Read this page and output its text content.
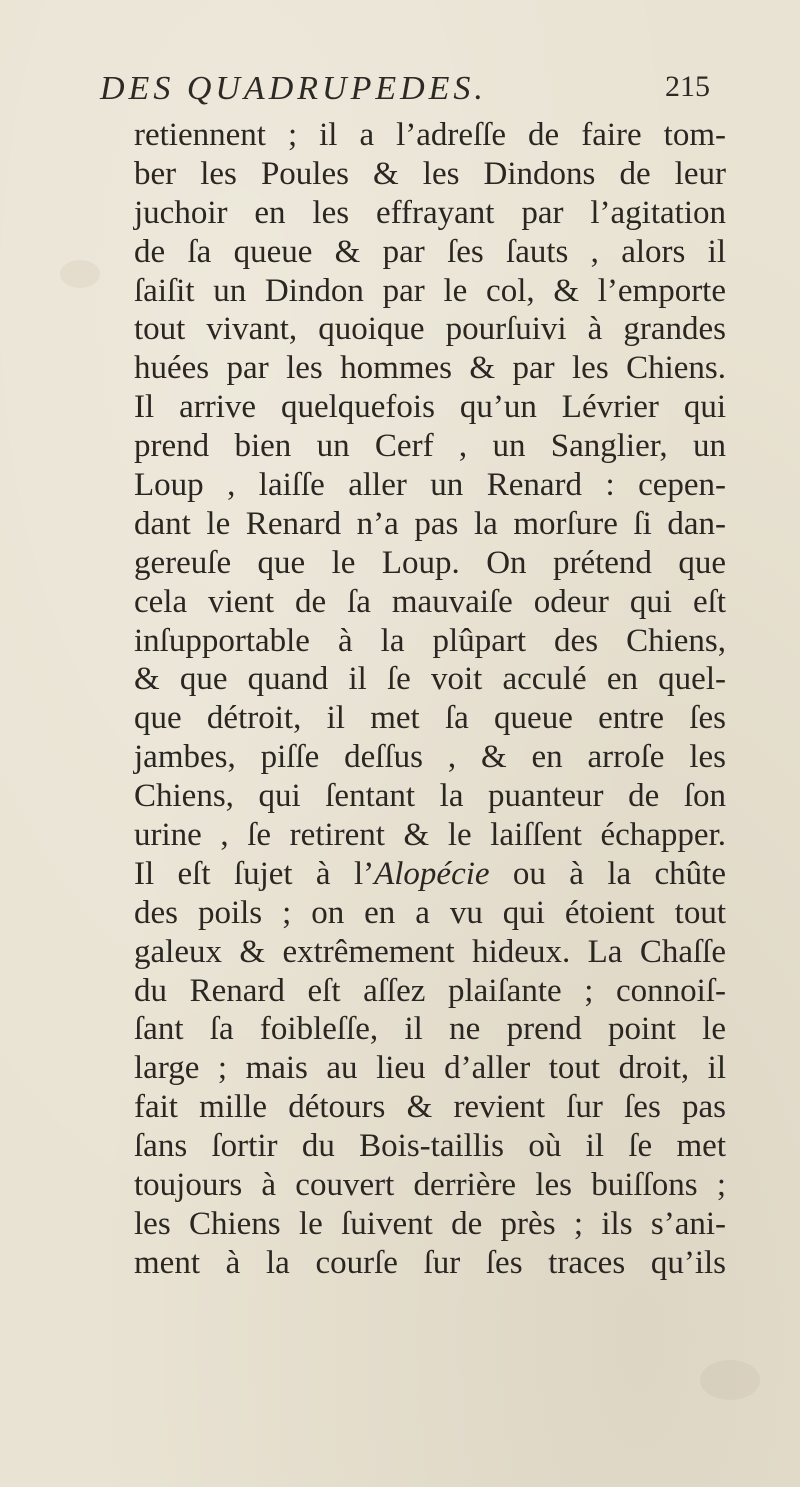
DES QUADRUPEDES.	215
retiennent ; il a l’adreſſe de faire tom-
ber les Poules & les Dindons de leur
juchoir en les effrayant par l’agitation
de ſa queue & par ſes ſauts , alors il
ſaiſit un Dindon par le col, & l’emporte
tout vivant, quoique pourſuivi à grandes
huées par les hommes & par les Chiens.
Il arrive quelquefois qu’un Lévrier qui
prend bien un Cerf , un Sanglier, un
Loup , laiſſe aller un Renard : cepen-
dant le Renard n’a pas la morſure ſi dan-
gereuſe que le Loup. On prétend que
cela vient de ſa mauvaiſe odeur qui eſt
inſupportable à la plûpart des Chiens,
& que quand il ſe voit acculé en quel-
que détroit, il met ſa queue entre ſes
jambes, piſſe deſſus , & en arroſe les
Chiens, qui ſentant la puanteur de ſon
urine , ſe retirent & le laiſſent échapper.
Il eſt ſujet à l’Alopécie ou à la chûte
des poils ; on en a vu qui étoient tout
galeux & extrêmement hideux. La Chaſſe
du Renard eſt aſſez plaiſante ; connoiſ-
ſant ſa foibleſſe, il ne prend point le
large ; mais au lieu d’aller tout droit, il
fait mille détours & revient ſur ſes pas
ſans ſortir du Bois-taillis où il ſe met
toujours à couvert derrière les buiſſons ;
les Chiens le ſuivent de près ; ils s’ani-
ment à la courſe ſur ſes traces qu’ils
